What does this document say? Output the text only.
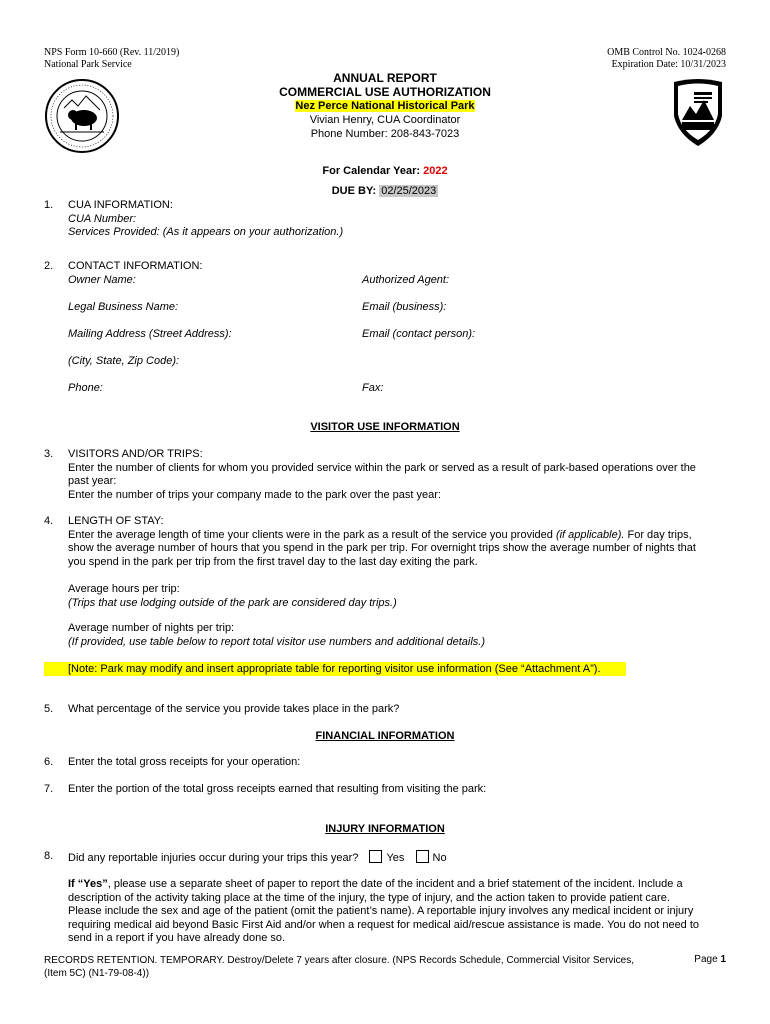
NPS Form 10-660 (Rev. 11/2019)
National Park Service
OMB Control No. 1024-0268
Expiration Date: 10/31/2023
ANNUAL REPORT
COMMERCIAL USE AUTHORIZATION
Nez Perce National Historical Park
Vivian Henry, CUA Coordinator
Phone Number: 208-843-7023
For Calendar Year: 2022
DUE BY: 02/25/2023
1. CUA INFORMATION:
CUA Number:
Services Provided: (As it appears on your authorization.)
2. CONTACT INFORMATION:
Owner Name:	Authorized Agent:
Legal Business Name:	Email (business):
Mailing Address (Street Address):	Email (contact person):
(City, State, Zip Code):
Phone:	Fax:
VISITOR USE INFORMATION
3. VISITORS AND/OR TRIPS:
Enter the number of clients for whom you provided service within the park or served as a result of park-based operations over the
past year:
Enter the number of trips your company made to the park over the past year:
4. LENGTH OF STAY:
Enter the average length of time your clients were in the park as a result of the service you provided (if applicable). For day trips,
show the average number of hours that you spend in the park per trip. For overnight trips show the average number of nights that
you spend in the park per trip from the first travel day to the last day exiting the park.
Average hours per trip:
(Trips that use lodging outside of the park are considered day trips.)
Average number of nights per trip:
(If provided, use table below to report total visitor use numbers and additional details.)
[Note: Park may modify and insert appropriate table for reporting visitor use information (See “Attachment A”).
5. What percentage of the service you provide takes place in the park?
FINANCIAL INFORMATION
6. Enter the total gross receipts for your operation:
7. Enter the portion of the total gross receipts earned that resulting from visiting the park:
INJURY INFORMATION
8. Did any reportable injuries occur during your trips this year?	Yes	No
If “Yes”, please use a separate sheet of paper to report the date of the incident and a brief statement of the incident. Include a
description of the activity taking place at the time of the injury, the type of injury, and the action taken to provide patient care.
Please include the sex and age of the patient (omit the patient’s name). A reportable injury involves any medical incident or injury
requiring medical aid beyond Basic First Aid and/or when a request for medical aid/rescue assistance is made. You do not need to
send in a report if you have already done so.
RECORDS RETENTION. TEMPORARY. Destroy/Delete 7 years after closure. (NPS Records Schedule, Commercial Visitor Services,
(Item 5C) (N1-79-08-4))
Page 1
